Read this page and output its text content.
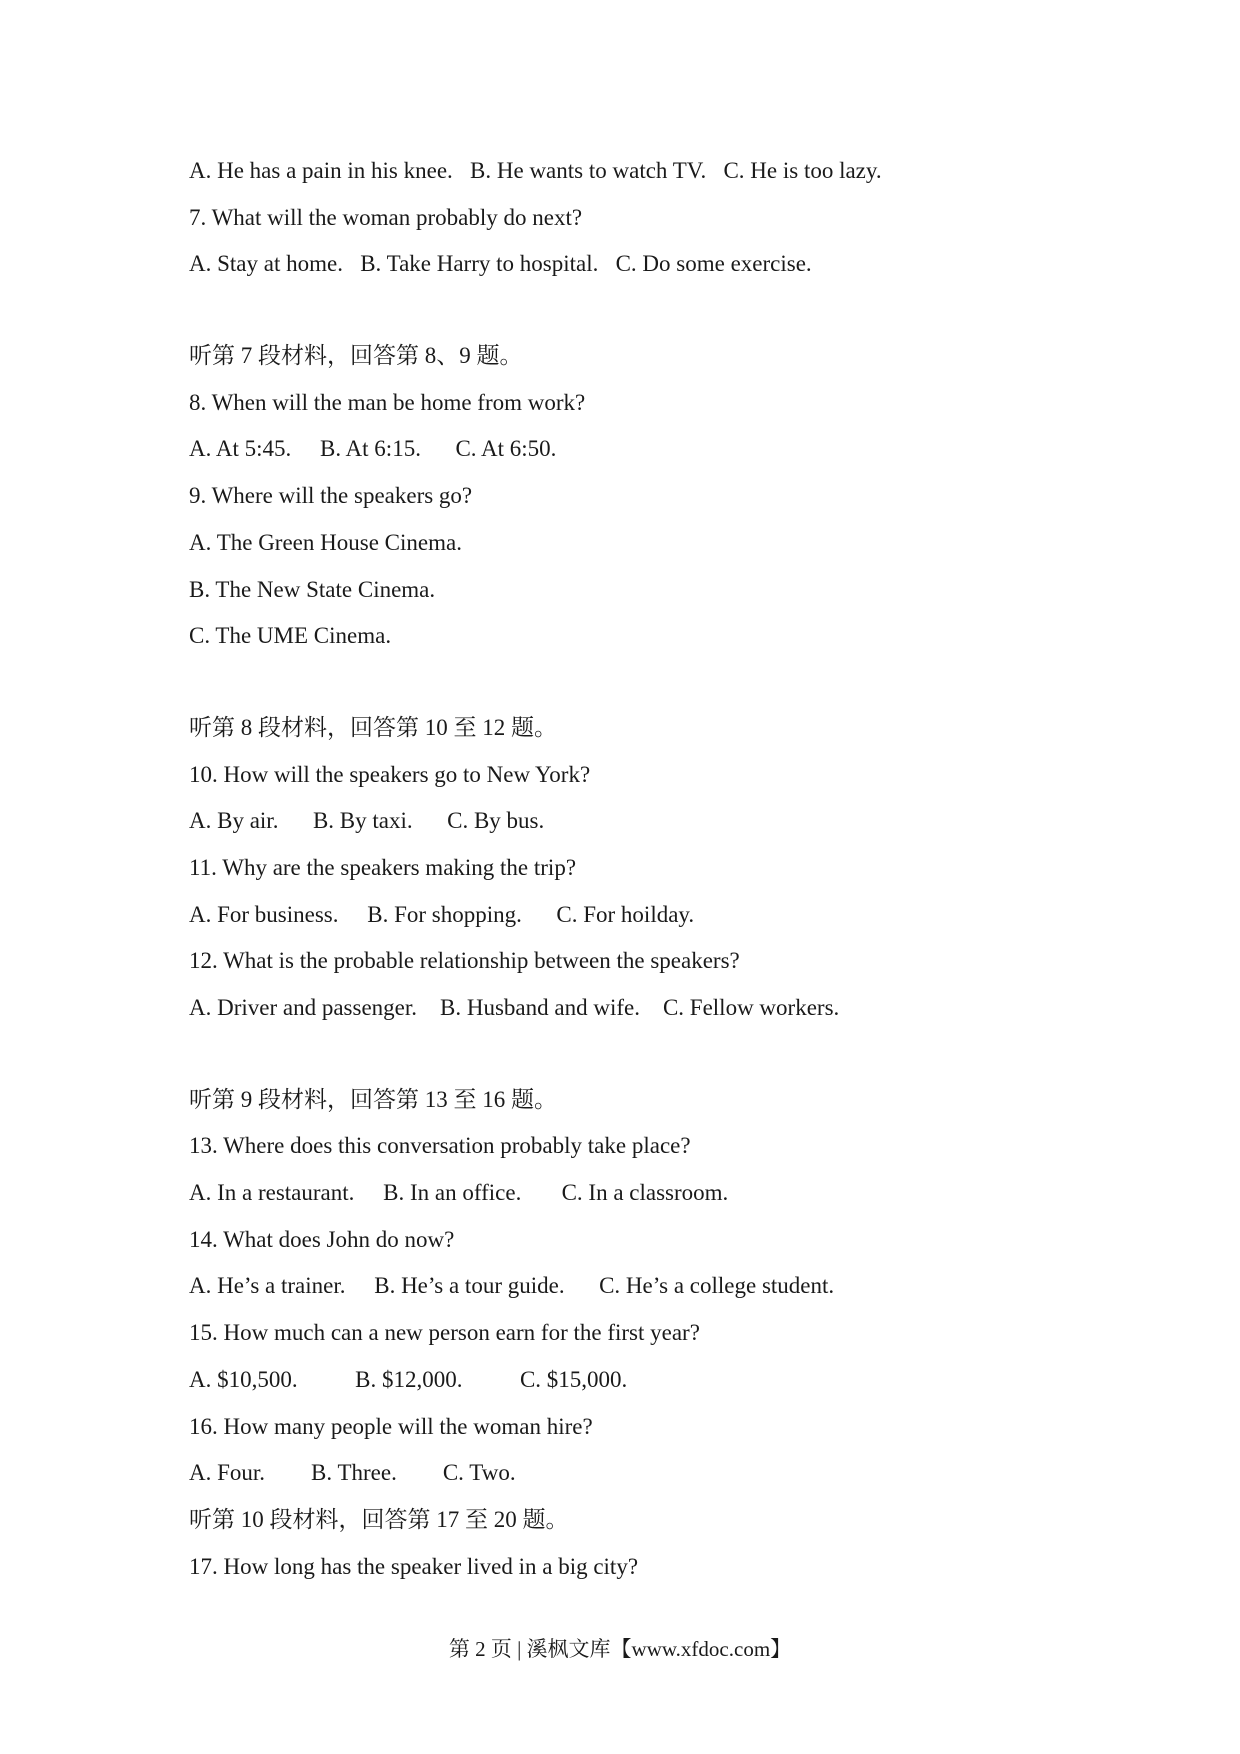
A. He has a pain in his knee.   B. He wants to watch TV.   C. He is too lazy.
7. What will the woman probably do next?
A. Stay at home.   B. Take Harry to hospital.   C. Do some exercise.
听第 7 段材料，回答第 8、9 题。
8. When will the man be home from work?
A. At 5:45.     B. At 6:15.      C. At 6:50.
9. Where will the speakers go?
A. The Green House Cinema.
B. The New State Cinema.
C. The UME Cinema.
听第 8 段材料，回答第 10 至 12 题。
10. How will the speakers go to New York?
A. By air.      B. By taxi.      C. By bus.
11. Why are the speakers making the trip?
A. For business.     B. For shopping.      C. For hoilday.
12. What is the probable relationship between the speakers?
A. Driver and passenger.    B. Husband and wife.    C. Fellow workers.
听第 9 段材料，回答第 13 至 16 题。
13. Where does this conversation probably take place?
A. In a restaurant.     B. In an office.       C. In a classroom.
14. What does John do now?
A. He’s a trainer.     B. He’s a tour guide.      C. He’s a college student.
15. How much can a new person earn for the first year?
A. $10,500.          B. $12,000.          C. $15,000.
16. How many people will the woman hire?
A. Four.        B. Three.        C. Two.
听第 10 段材料，回答第 17 至 20 题。
17. How long has the speaker lived in a big city?
第 2 页 | 溪枫文库【www.xfdoc.com】
